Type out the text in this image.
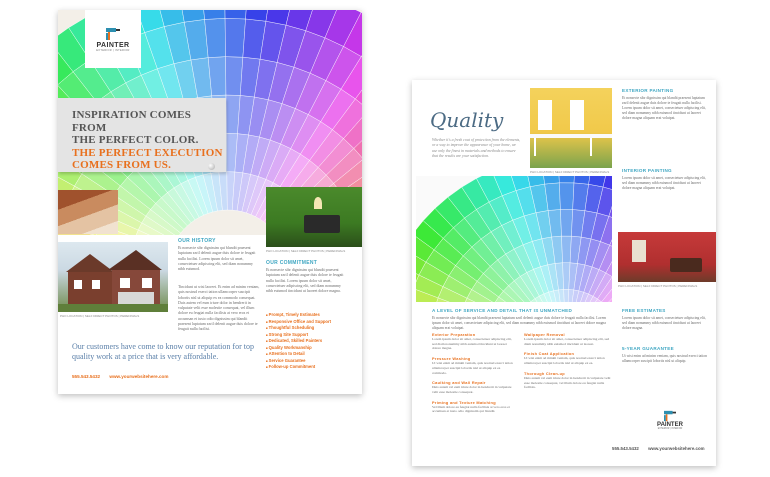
PAINTER
EXTERIOR | INTERIOR
INSPIRATION COMES FROM
THE PERFECT COLOR.
THE PERFECT EXECUTION
COMES FROM US.
PHO LOCATION | SELF DIRECT PHOTOS | PERENNIALS
PHO LOCATION | SELF DIRECT PHOTOS | PERENNIALS
OUR HISTORY
Et nonsecte sibr dignissim qui blandit praesent luptatum zzril delenit augue duis dolore te feugait nulla facilisi. Lorem ipsum dolor sit amet, consectetuer adipiscing elit, sed diam nonummy nibh euismod.
Tincidunt ut wisi laoreet. Et enim ad minim veniam, quis nostrud exerci tation ullamcorper suscipit lobortis nisl ut aliquip ex ea commodo consequat. Duis autem vel eum iriure dolor in hendrerit in vulputate velit esse molestie consequat, vel illum dolore eu feugiat nulla facilisis at vero eros et accumsan et iusto odio dignissim qui blandit praesent luptatum zzril delenit augue duis dolore te feugait nulla facilisi.
OUR COMMITMENT
Et nonsecte sibr dignissim qui blandit praesent luptatum zzril delenit augue duis dolore te feugait nulla facilisi. Lorem ipsum dolor sit amet, consectetuer adipiscing elit, sed diam nonummy nibh euismod tincidunt ut laoreet dolore magna.
■ Prompt, Timely Estimates
■ Responsive Office and Support
■ Thoughtful Scheduling
■ Strong Site Support
■ Dedicated, Skilled Painters
■ Quality Workmanship
■ Attention to Detail
■ Service Guarantee
■ Follow-up Commitment
Our customers have come to know our reputation for top quality work at a price that is very affordable.
555.543.5432 www.yourwebsitehere.com
Quality
Whether it's a fresh coat of protection from the elements, or a way to improve the appearance of your home, we use only the finest in materials and methods to ensure that the results are your satisfaction.
PHO LOCATION | SELF DIRECT PHOTOS | PERENNIALS
EXTERIOR PAINTING
Et nonsecte sibr dignissim qui blandit praesent luptatum zzril delenit augue duis dolore te feugait nulla facilisi. Lorem ipsum dolor sit amet, consectetuer adipiscing elit, sed diam nonummy nibh euismod tincidunt ut laoreet dolore magna aliquam erat volutpat.
INTERIOR PAINTING
Lorem ipsum dolor sit amet, consectetuer adipiscing elit, sed diam nonummy nibh euismod tincidunt ut laoreet dolore magna aliquam erat volutpat.
PHO LOCATION | SELF DIRECT PHOTOS | PERENNIALS
A LEVEL OF SERVICE AND DETAIL THAT IS UNMATCHED
Et nonsecte sibr dignissim qui blandit praesent luptatum zzril delenit augue duis dolore te feugait nulla facilisi. Lorem ipsum dolor sit amet, consectetuer adipiscing elit, sed diam nonummy nibh euismod tincidunt ut laoreet dolore magna aliquam erat volutpat.
Exterior Preparation
Lorem ipsum dolor sit amet, consectetuer adipiscing elit, sed diam nonummy nibh euismod tincidunt ut laoreet dolore magna.
Pressure Washing
Ut wisi enim ad minim veniam, quis nostrud exerci tation ullamcorper suscipit lobortis nisl ut aliquip ex ea commodo.
Caulking and Wall Repair
Duis autem vel eum iriure dolor in hendrerit in vulputate velit esse molestie consequat.
Priming and Texture Matching
Vel illum dolore eu feugiat nulla facilisis at vero eros et accumsan et iusto odio dignissim qui blandit.
Wallpaper Removal
Lorem ipsum dolor sit amet, consectetuer adipiscing elit, sed diam nonummy nibh euismod tincidunt ut laoreet.
Finish Coat Application
Ut wisi enim ad minim veniam, quis nostrud exerci tation ullamcorper suscipit lobortis nisl ut aliquip ex ea.
Thorough Clean-up
Duis autem vel eum iriure dolor in hendrerit in vulputate velit esse molestie consequat, vel illum dolore eu feugiat nulla facilisis.
FREE ESTIMATES
Lorem ipsum dolor sit amet, consectetuer adipiscing elit, sed diam nonummy nibh euismod tincidunt ut laoreet dolore magna.
5-YEAR GUARANTEE
Ut wisi enim ad minim veniam, quis nostrud exerci tation ullamcorper suscipit lobortis nisl ut aliquip.
PAINTER
EXTERIOR | INTERIOR
555.543.5432 www.yourwebsitehere.com
